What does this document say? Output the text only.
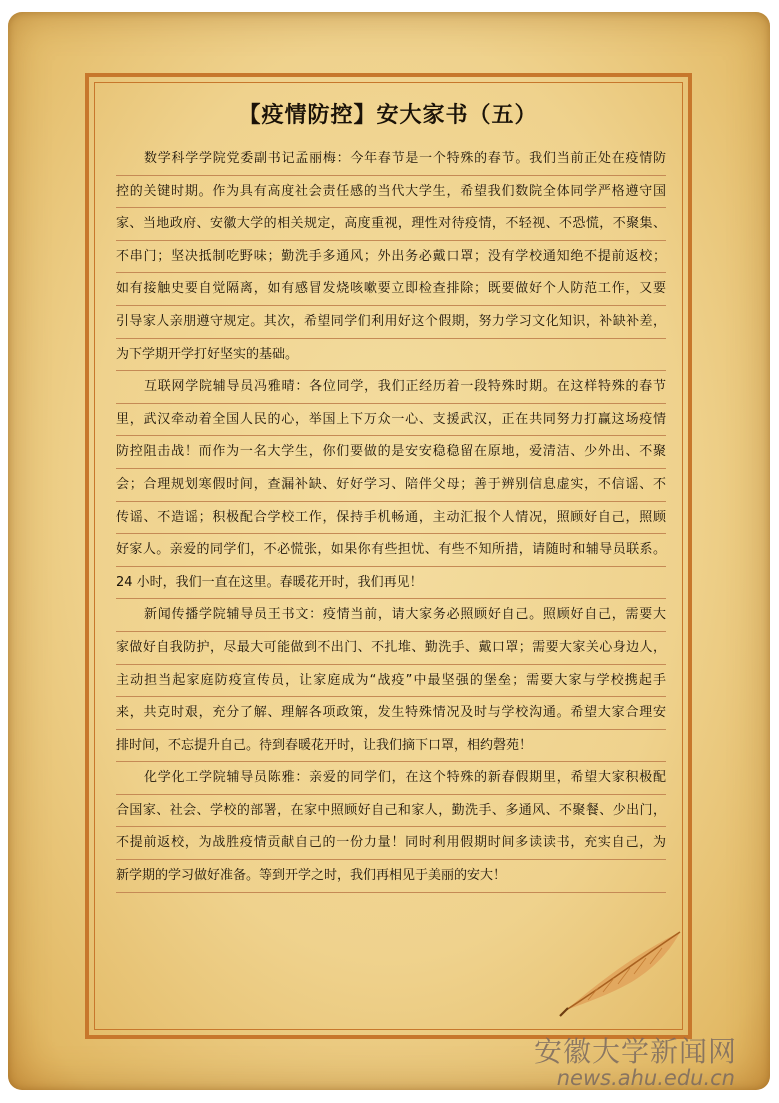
【疫情防控】安大家书（五）
数学科学学院党委副书记孟丽梅：今年春节是一个特殊的春节。我们当前正处在疫情防
控的关键时期。作为具有高度社会责任感的当代大学生，希望我们数院全体同学严格遵守国
家、当地政府、安徽大学的相关规定，高度重视，理性对待疫情，不轻视、不恐慌，不聚集、
不串门；坚决抵制吃野味；勤洗手多通风；外出务必戴口罩；没有学校通知绝不提前返校；
如有接触史要自觉隔离，如有感冒发烧咳嗽要立即检查排除；既要做好个人防范工作，又要
引导家人亲朋遵守规定。其次，希望同学们利用好这个假期，努力学习文化知识，补缺补差，
为下学期开学打好坚实的基础。
互联网学院辅导员冯雅晴：各位同学，我们正经历着一段特殊时期。在这样特殊的春节
里，武汉牵动着全国人民的心，举国上下万众一心、支援武汉，正在共同努力打赢这场疫情
防控阻击战！而作为一名大学生，你们要做的是安安稳稳留在原地，爱清洁、少外出、不聚
会；合理规划寒假时间，查漏补缺、好好学习、陪伴父母；善于辨别信息虚实，不信谣、不
传谣、不造谣；积极配合学校工作，保持手机畅通，主动汇报个人情况，照顾好自己，照顾
好家人。亲爱的同学们，不必慌张，如果你有些担忧、有些不知所措，请随时和辅导员联系。
24 小时，我们一直在这里。春暖花开时，我们再见！
新闻传播学院辅导员王书文：疫情当前，请大家务必照顾好自己。照顾好自己，需要大
家做好自我防护，尽最大可能做到不出门、不扎堆、勤洗手、戴口罩；需要大家关心身边人，
主动担当起家庭防疫宣传员，让家庭成为“战疫”中最坚强的堡垒；需要大家与学校携起手
来，共克时艰，充分了解、理解各项政策，发生特殊情况及时与学校沟通。希望大家合理安
排时间，不忘提升自己。待到春暖花开时，让我们摘下口罩，相约磬苑！
化学化工学院辅导员陈雅：亲爱的同学们，在这个特殊的新春假期里，希望大家积极配
合国家、社会、学校的部署，在家中照顾好自己和家人，勤洗手、多通风、不聚餐、少出门，
不提前返校，为战胜疫情贡献自己的一份力量！同时利用假期时间多读读书，充实自己，为
新学期的学习做好准备。等到开学之时，我们再相见于美丽的安大！
安徽大学新闻网
news.ahu.edu.cn
